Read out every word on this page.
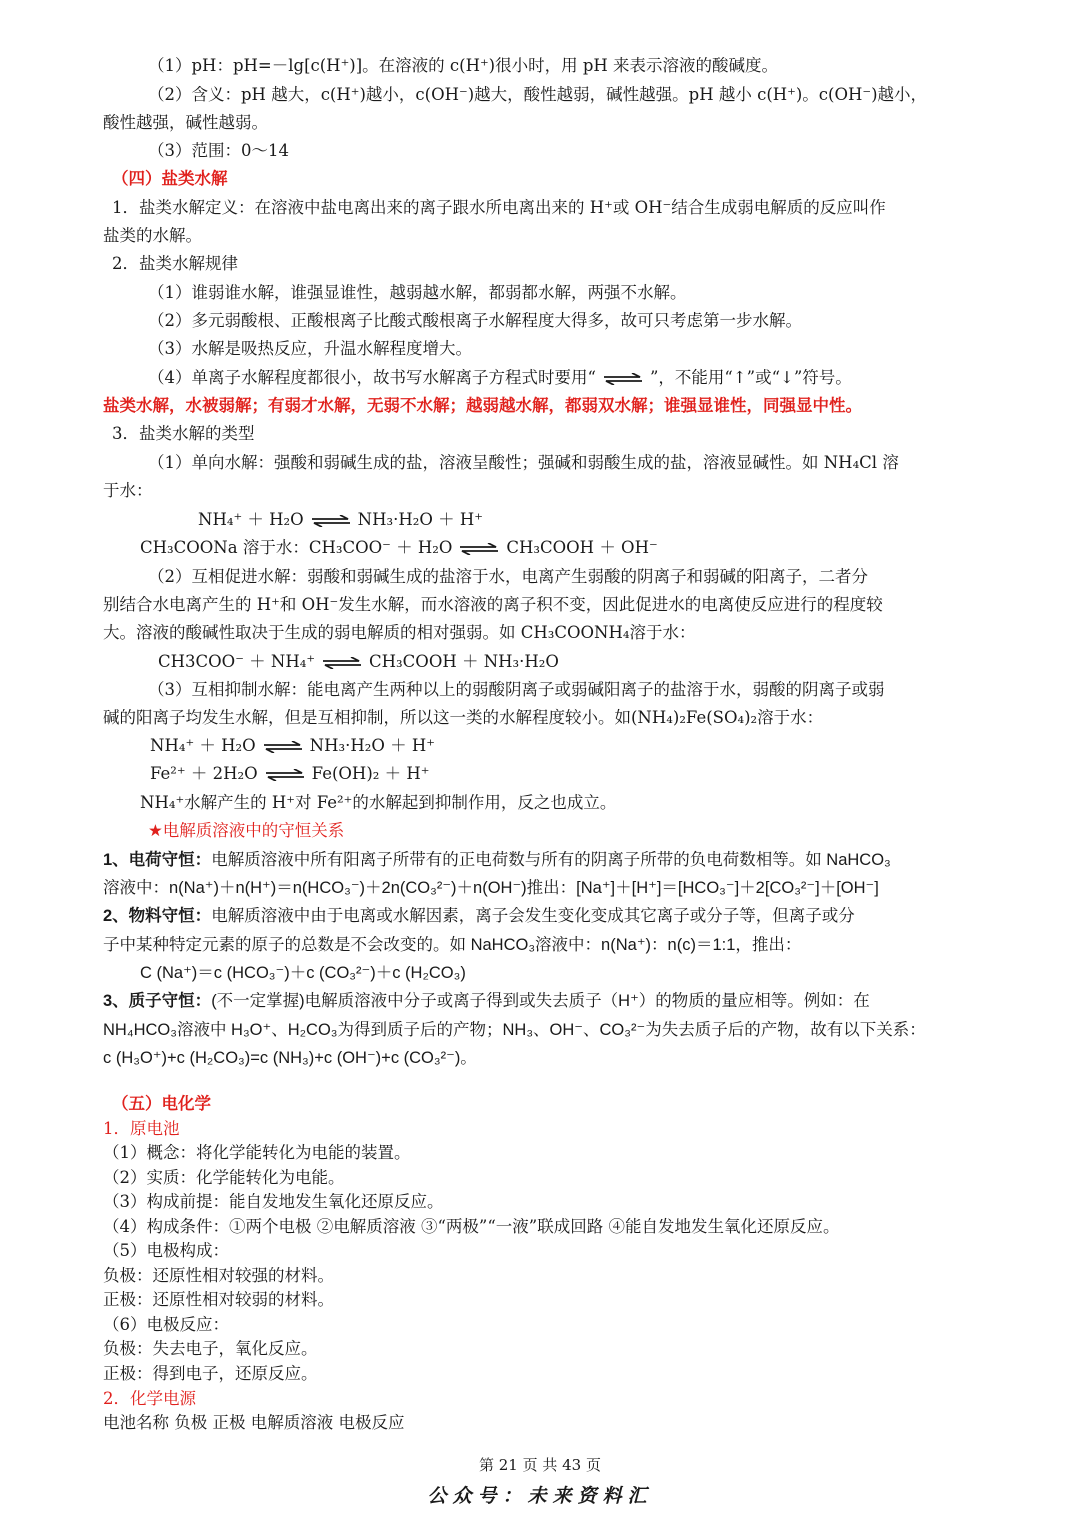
（1）pH：pH=－lg[c(H⁺)]。在溶液的 c(H⁺)很小时，用 pH 来表示溶液的酸碱度。
（2）含义：pH 越大，c(H⁺)越小，c(OH⁻)越大，酸性越弱，碱性越强。pH 越小 c(H⁺)。c(OH⁻)越小，
酸性越强，碱性越弱。
（3）范围：0～14
（四）盐类水解
1．盐类水解定义：在溶液中盐电离出来的离子跟水所电离出来的 H⁺或 OH⁻结合生成弱电解质的反应叫作
盐类的水解。
2．盐类水解规律
（1）谁弱谁水解，谁强显谁性，越弱越水解，都弱都水解，两强不水解。
（2）多元弱酸根、正酸根离子比酸式酸根离子水解程度大得多，故可只考虑第一步水解。
（3）水解是吸热反应，升温水解程度增大。
（4）单离子水解程度都很小，故书写水解离子方程式时要用“ ⇌ ”，不能用“↑”或“↓”符号。
盐类水解，水被弱解；有弱才水解，无弱不水解；越弱越水解，都弱双水解；谁强显谁性，同强显中性。
3．盐类水解的类型
（1）单向水解：强酸和弱碱生成的盐，溶液呈酸性；强碱和弱酸生成的盐，溶液显碱性。如 NH₄Cl 溶
于水：
NH₄⁺ ＋ H₂O ⇌ NH₃·H₂O ＋ H⁺
CH₃COONa 溶于水：CH₃COO⁻ ＋ H₂O ⇌ CH₃COOH ＋ OH⁻
（2）互相促进水解：弱酸和弱碱生成的盐溶于水，电离产生弱酸的阴离子和弱碱的阳离子，二者分
别结合水电离产生的 H⁺和 OH⁻发生水解，而水溶液的离子积不变，因此促进水的电离使反应进行的程度较
大。溶液的酸碱性取决于生成的弱电解质的相对强弱。如 CH₃COONH₄溶于水：
CH3COO⁻ ＋ NH₄⁺ ⇌ CH₃COOH ＋ NH₃·H₂O
（3）互相抑制水解：能电离产生两种以上的弱酸阴离子或弱碱阳离子的盐溶于水，弱酸的阴离子或弱
碱的阳离子均发生水解，但是互相抑制，所以这一类的水解程度较小。如(NH₄)₂Fe(SO₄)₂溶于水：
NH₄⁺ ＋ H₂O ⇌ NH₃·H₂O ＋ H⁺
Fe²⁺ ＋ 2H₂O ⇌ Fe(OH)₂ ＋ H⁺
NH₄⁺水解产生的 H⁺对 Fe²⁺的水解起到抑制作用，反之也成立。
★电解质溶液中的守恒关系
1、电荷守恒：电解质溶液中所有阳离子所带有的正电荷数与所有的阴离子所带的负电荷数相等。如 NaHCO₃
溶液中：n(Na⁺)＋n(H⁺)＝n(HCO₃⁻)＋2n(CO₃²⁻)＋n(OH⁻)推出：[Na⁺]＋[H⁺]＝[HCO₃⁻]＋2[CO₃²⁻]＋[OH⁻]
2、物料守恒：电解质溶液中由于电离或水解因素，离子会发生变化变成其它离子或分子等，但离子或分
子中某种特定元素的原子的总数是不会改变的。如 NaHCO₃溶液中：n(Na⁺)：n(c)＝1:1，推出：
C (Na⁺)＝c (HCO₃⁻)＋c (CO₃²⁻)＋c (H₂CO₃)
3、质子守恒：(不一定掌握)电解质溶液中分子或离子得到或失去质子（H⁺）的物质的量应相等。例如：在
NH₄HCO₃溶液中 H₃O⁺、H₂CO₃为得到质子后的产物；NH₃、OH⁻、CO₃²⁻为失去质子后的产物，故有以下关系：
c (H₃O⁺)+c (H₂CO₃)=c (NH₃)+c (OH⁻)+c (CO₃²⁻)。
（五）电化学
1．原电池
（1）概念：将化学能转化为电能的装置。
（2）实质：化学能转化为电能。
（3）构成前提：能自发地发生氧化还原反应。
（4）构成条件：①两个电极 ②电解质溶液 ③“两极”“一液”联成回路 ④能自发地发生氧化还原反应。
（5）电极构成：
负极：还原性相对较强的材料。
正极：还原性相对较弱的材料。
（6）电极反应：
负极：失去电子，氧化反应。
正极：得到电子，还原反应。
2．化学电源
电池名称 负极 正极 电解质溶液 电极反应
第 21 页 共 43 页
公众号：未来资料汇
